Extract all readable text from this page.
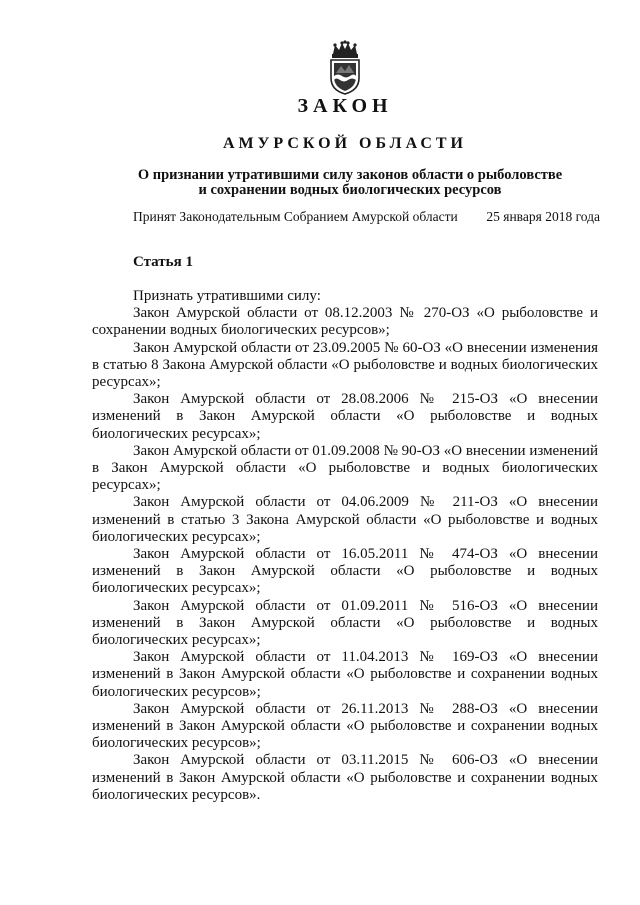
ЗАКОН
АМУРСКОЙ ОБЛАСТИ
О признании утратившими силу законов области о рыболовстве
и сохранении водных биологических ресурсов
Принят Законодательным Собранием Амурской области 25 января 2018 года
Статья 1

Признать утратившими силу:

Закон Амурской области от 08.12.2003 № 270-ОЗ «О рыболовстве и сохранении водных биологических ресурсов»;

Закон Амурской области от 23.09.2005 № 60-ОЗ «О внесении изменения в статью 8 Закона Амурской области «О рыболовстве и водных биологических ресурсах»;

Закон Амурской области от 28.08.2006 № 215-ОЗ «О внесении изменений в Закон Амурской области «О рыболовстве и водных биологических ресурсах»;

Закон Амурской области от 01.09.2008 № 90-ОЗ «О внесении изменений в Закон Амурской области «О рыболовстве и водных биологических ресурсах»;

Закон Амурской области от 04.06.2009 № 211-ОЗ «О внесении изменений в статью 3 Закона Амурской области «О рыболовстве и водных биологических ресурсах»;

Закон Амурской области от 16.05.2011 № 474-ОЗ «О внесении изменений в Закон Амурской области «О рыболовстве и водных биологических ресурсах»;

Закон Амурской области от 01.09.2011 № 516-ОЗ «О внесении изменений в Закон Амурской области «О рыболовстве и водных биологических ресурсах»;

Закон Амурской области от 11.04.2013 № 169-ОЗ «О внесении изменений в Закон Амурской области «О рыболовстве и сохранении водных биологических ресурсов»;

Закон Амурской области от 26.11.2013 № 288-ОЗ «О внесении изменений в Закон Амурской области «О рыболовстве и сохранении водных биологических ресурсов»;

Закон Амурской области от 03.11.2015 № 606-ОЗ «О внесении изменений в Закон Амурской области «О рыболовстве и сохранении водных биологических ресурсов».
